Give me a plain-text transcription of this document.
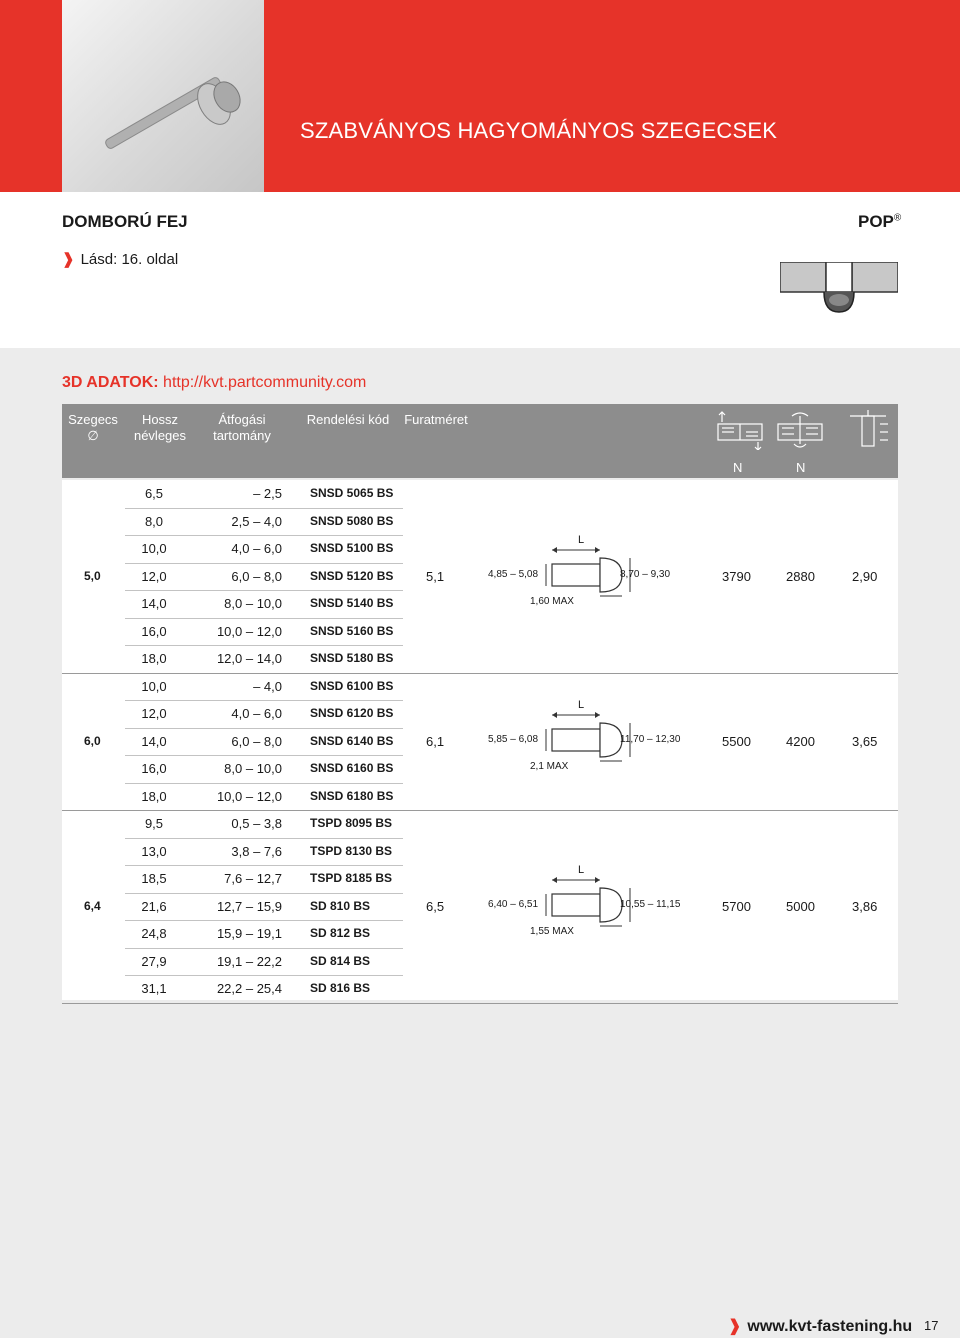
SZABVÁNYOS HAGYOMÁNYOS SZEGECSEK
DOMBORÚ FEJ	POP®
❱ Lásd: 16. oldal
3D ADATOK: http://kvt.partcommunity.com
Szegecs ∅
Hossz
névleges
Átfogási
tartomány
Rendelési kód	Furatméret
N	N
6,5	– 2,5 SNSD 5065 BS
8,0	2,5 – 4,0 SNSD 5080 BS
10,0	4,0 – 6,0 SNSD 5100 BS
12,0	6,0 – 8,0 SNSD 5120 BS
14,0	8,0 – 10,0 SNSD 5140 BS
16,0	10,0 – 12,0 SNSD 5160 BS
18,0	12,0 – 14,0 SNSD 5180 BS
5,0	5,1	3790	2880	2,90
L
4,85 – 5,08	8,70 – 9,30
1,60 MAX
10,0	– 4,0 SNSD 6100 BS
12,0	4,0 – 6,0 SNSD 6120 BS
14,0	6,0 – 8,0 SNSD 6140 BS
16,0	8,0 – 10,0 SNSD 6160 BS
18,0	10,0 – 12,0 SNSD 6180 BS
6,0	6,1	5500	4200	3,65
L
5,85 – 6,08	11,70 – 12,30
2,1 MAX
9,5	0,5 – 3,8 TSPD 8095 BS
13,0	3,8 – 7,6 TSPD 8130 BS
18,5	7,6 – 12,7 TSPD 8185 BS
21,6	12,7 – 15,9 SD 810 BS
24,8	15,9 – 19,1 SD 812 BS
27,9	19,1 – 22,2 SD 814 BS
31,1	22,2 – 25,4 SD 816 BS
6,4	6,5	5700	5000	3,86
L
6,40 – 6,51	10,55 – 11,15
1,55 MAX
❱ www.kvt-fastening.hu 17
